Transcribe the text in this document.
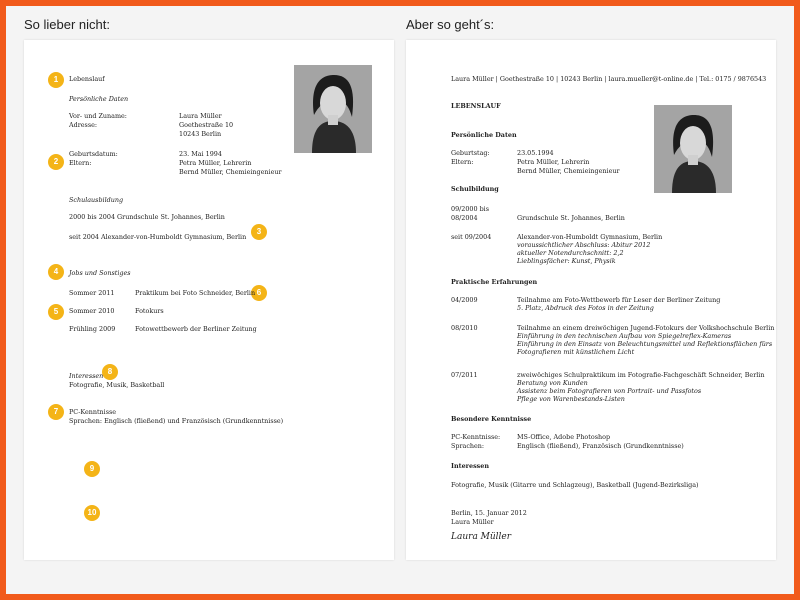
So lieber nicht:	Aber so geht´s:
1
2
3
4
5
6
7
8
9
10
Lebenslauf
Persönliche Daten
Vor- und Zuname:	Laura Müller
Adresse:	Goethestraße 10
10243 Berlin
Geburtsdatum:	23. Mai 1994
Eltern:	Petra Müller, Lehrerin
Bernd Müller, Chemieingenieur
Schulausbildung
2000 bis 2004 Grundschule St. Johannes, Berlin
seit 2004 Alexander-von-Humboldt Gymnasium, Berlin
Jobs und Sonstiges
Sommer 2011	Praktikum bei Foto Schneider, Berlin
Sommer 2010	Fotokurs
Frühling 2009	Fotowettbewerb der Berliner Zeitung
Interessen
Fotografie, Musik, Basketball
PC-Kenntnisse
Sprachen: Englisch (fließend) und Französisch (Grundkenntnisse)
Laura Müller | Goethestraße 10 | 10243 Berlin | laura.mueller@t-online.de | Tel.: 0175 / 9876543
LEBENSLAUF
Persönliche Daten
Geburtstag:	23.05.1994
Eltern:	Petra Müller, Lehrerin
Bernd Müller, Chemieingenieur
Schulbildung
09/2000 bis
08/2004	Grundschule St. Johannes, Berlin
seit 09/2004	Alexander-von-Humboldt Gymnasium, Berlin
voraussichtlicher Abschluss: Abitur 2012
aktueller Notendurchschnitt: 2,2
Lieblingsfächer: Kunst, Physik
Praktische Erfahrungen
04/2009	Teilnahme am Foto-Wettbewerb für Leser der Berliner Zeitung
5. Platz, Abdruck des Fotos in der Zeitung
08/2010	Teilnahme an einem dreiwöchigen Jugend-Fotokurs der Volkshochschule Berlin
Einführung in den technischen Aufbau von Spiegelreflex-Kameras
Einführung in den Einsatz von Beleuchtungsmittel und Reflektionsflächen fürs
Fotografieren mit künstlichem Licht
07/2011	zweiwöchiges Schulpraktikum im Fotografie-Fachgeschäft Schneider, Berlin
Beratung von Kunden
Assistenz beim Fotografieren von Portrait- und Passfotos
Pflege von Warenbestands-Listen
Besondere Kenntnisse
PC-Kenntnisse:	MS-Office, Adobe Photoshop
Sprachen:	Englisch (fließend), Französisch (Grundkenntnisse)
Interessen
Fotografie, Musik (Gitarre und Schlagzeug), Basketball (Jugend-Bezirksliga)
Berlin, 15. Januar 2012
Laura Müller
Laura Müller
